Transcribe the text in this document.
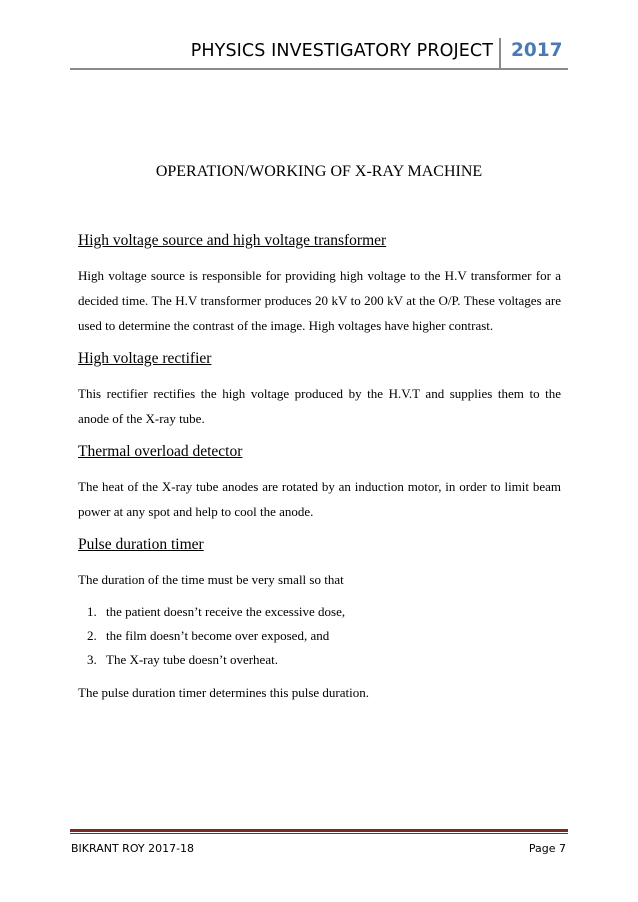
PHYSICS INVESTIGATORY PROJECT 2017
OPERATION/WORKING OF X-RAY MACHINE

High voltage source and high voltage transformer

High voltage source is responsible for providing high voltage to the H.V transformer for a decided time. The H.V transformer produces 20 kV to 200 kV at the O/P. These voltages are used to determine the contrast of the image. High voltages have higher contrast.

High voltage rectifier

This rectifier rectifies the high voltage produced by the H.V.T and supplies them to the anode of the X-ray tube.

Thermal overload detector

The heat of the X-ray tube anodes are rotated by an induction motor, in order to limit beam power at any spot and help to cool the anode.

Pulse duration timer

The duration of the time must be very small so that

1. the patient doesn’t receive the excessive dose,
2. the film doesn’t become over exposed, and
3. The X-ray tube doesn’t overheat.

The pulse duration timer determines this pulse duration.

BIKRANT ROY 2017-18	Page 7
